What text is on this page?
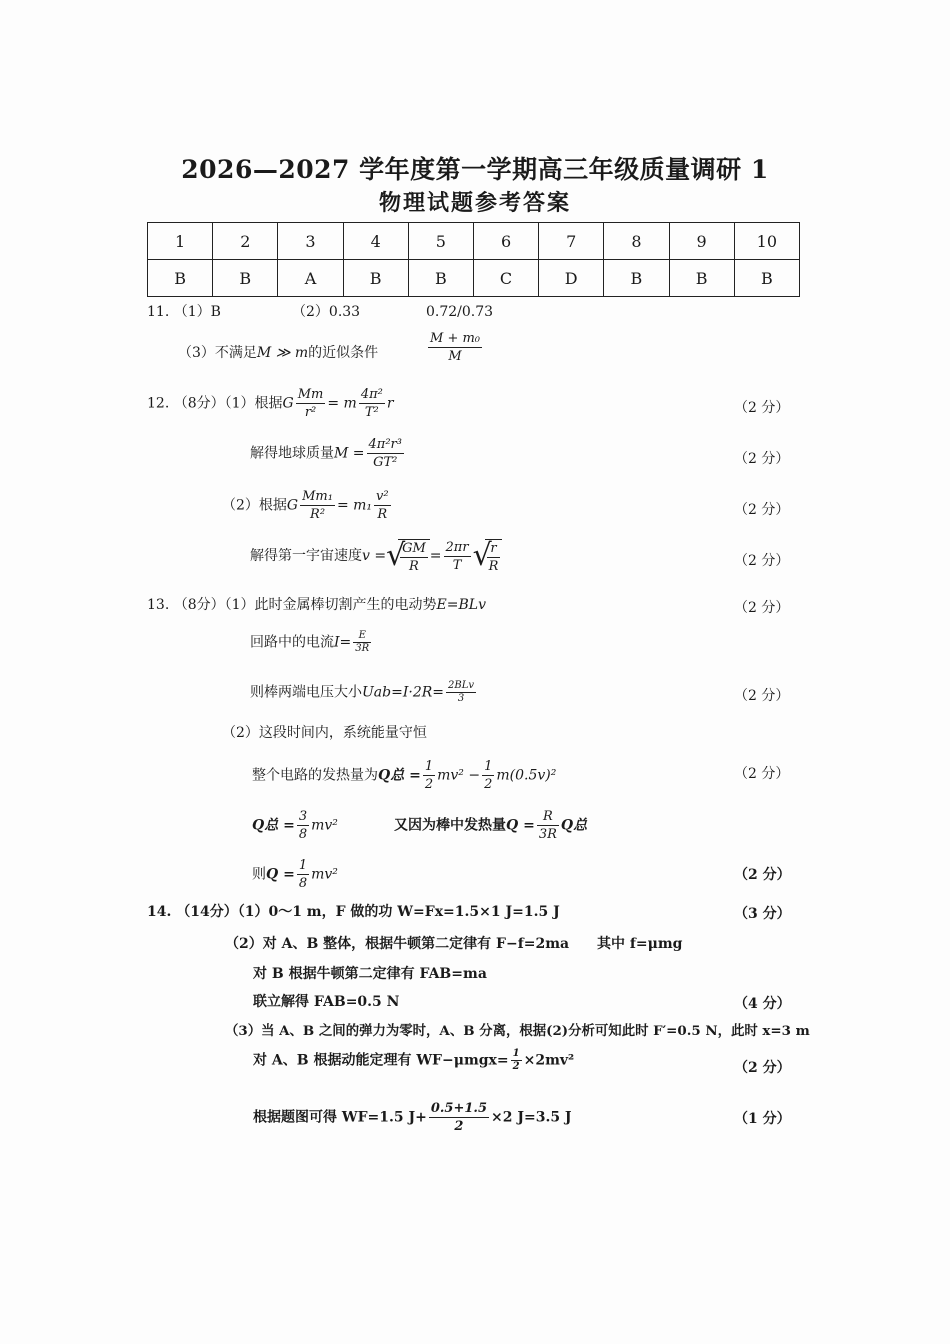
2026—2027 学年度第一学期高三年级质量调研 1
物理试题参考答案
1	2	3	4	5	6	7	8	9	10
B	B	A	B	B	C	D	B	B	B
11. （1）B	（2）0.33	0.72/0.73
（3）不满足M ≫ m的近似条件	$\frac{\text{M + m₀}}{M}$
12. （8分）（1）根据G $\frac{Mm}{\text{r²}} = m \frac{\text{4π²}}{\text{T²}}$ r	（2 分）
解得地球质量$M = \frac{\text{4π²r³}}{\text{GT²}}$	（2 分）
（2）根据G $\frac{\text{Mm₁}}{\text{R²}} = m_1 \frac{\text{v²}}{R}$	（2 分）
解得第一宇宙速度v = √
$\frac{GM}{R} = \frac{2\pi r}{T}$ √
$\frac{r}{R}$	（2 分）
13. （8分）（1）此时金属棒切割产生的电动势E=BLv	（2 分）
回路中的电流$I= \frac{E}{3R}$
则棒两端电压大小$Uab=I\cdot 2R= \frac{\text{2BLv}}{3}$	（2 分）
（2）这段时间内，系统能量守恒
整个电路的发热量为Q总 = $\frac{1}{2} mv^2 - \frac{1}{2} m(0.5v)^2$	（2 分）
Q总 = $\frac{3}{8} mv^2$	又因为棒中发热量$Q = \frac{R}{3R}$ Q总
则$Q = \frac{1}{8} mv^2$	（2 分）
14. （14分）（1）0～1 m，F 做的功 W=Fx=1.5×1 J=1.5 J	（3 分）
（2）对 A、B 整体，根据牛顿第二定律有 F−f=2ma 其中 f=μmg
对 B 根据牛顿第二定律有 FAB=ma
联立解得 FAB=0.5 N	（4 分）
（3）当 A、B 之间的弹力为零时，A、B 分离，根据(2)分析可知此时 F′=0.5 N，此时 x=3 m
对 A、B 根据动能定理有 $WF-\mu mgx= \frac{1}{2} \times 2mv^2$	（2 分）
根据题图可得 WF=1.5 $J+ \frac{0.5+1.5}{2} \times 2$ J=3.5 J	（1 分）
